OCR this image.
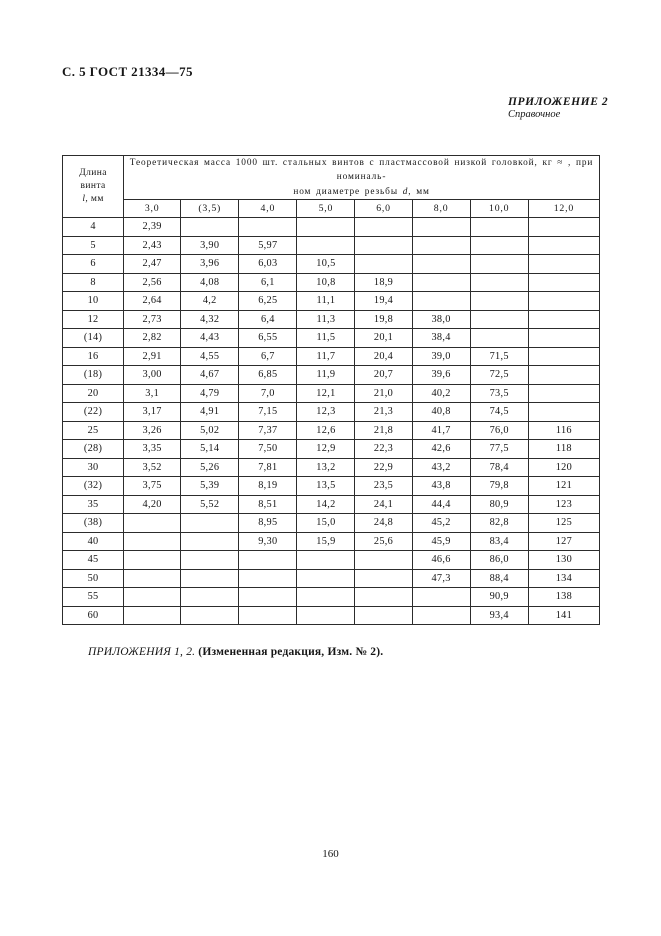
С. 5 ГОСТ 21334—75
ПРИЛОЖЕНИЕ 2
Справочное
Длина
винта
l, мм	Теоретическая масса 1000 шт. стальных винтов с пластмассовой низкой головкой, кг ≈ , при номиналь-
ном диаметре резьбы d, мм							
	3,0	(3,5)	4,0	5,0	6,0	8,0	10,0	12,0
4	2,39							
5	2,43	3,90	5,97					
6	2,47	3,96	6,03	10,5				
8	2,56	4,08	6,1	10,8	18,9			
10	2,64	4,2	6,25	11,1	19,4			
12	2,73	4,32	6,4	11,3	19,8	38,0		
(14)	2,82	4,43	6,55	11,5	20,1	38,4		
16	2,91	4,55	6,7	11,7	20,4	39,0	71,5	
(18)	3,00	4,67	6,85	11,9	20,7	39,6	72,5	
20	3,1	4,79	7,0	12,1	21,0	40,2	73,5	
(22)	3,17	4,91	7,15	12,3	21,3	40,8	74,5	
25	3,26	5,02	7,37	12,6	21,8	41,7	76,0	116
(28)	3,35	5,14	7,50	12,9	22,3	42,6	77,5	118
30	3,52	5,26	7,81	13,2	22,9	43,2	78,4	120
(32)	3,75	5,39	8,19	13,5	23,5	43,8	79,8	121
35	4,20	5,52	8,51	14,2	24,1	44,4	80,9	123
(38)			8,95	15,0	24,8	45,2	82,8	125
40			9,30	15,9	25,6	45,9	83,4	127
45						46,6	86,0	130
50						47,3	88,4	134
55							90,9	138
60							93,4	141
ПРИЛОЖЕНИЯ 1, 2. (Измененная редакция, Изм. № 2).
160
